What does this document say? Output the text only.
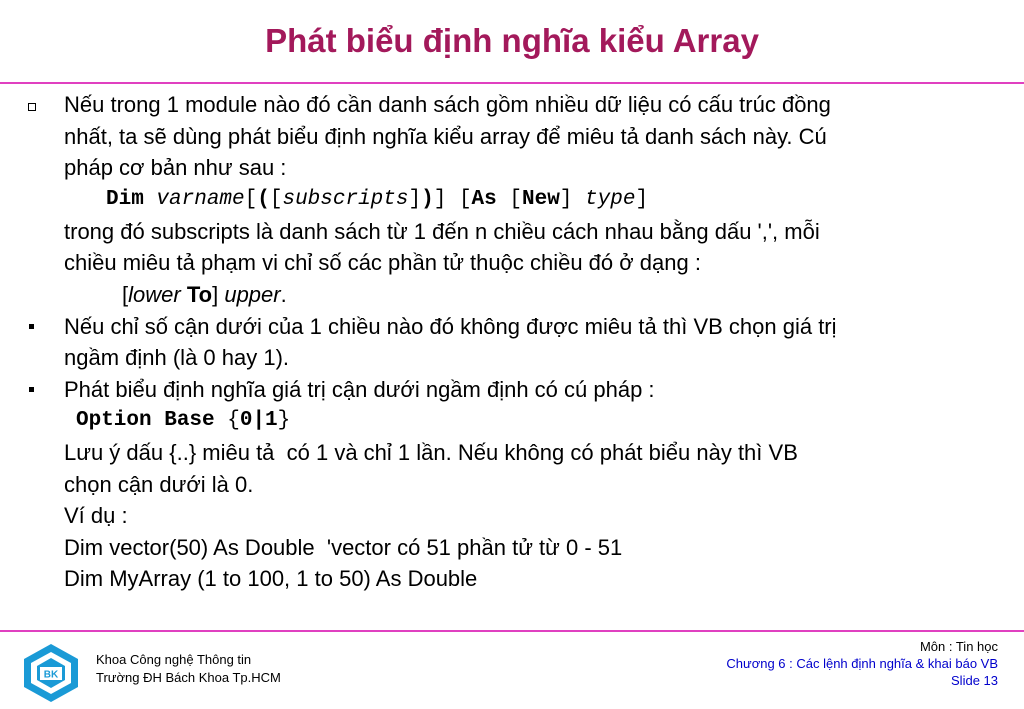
Phát biểu định nghĩa kiểu Array
Nếu trong 1 module nào đó cần danh sách gồm nhiều dữ liệu có cấu trúc đồng
nhất, ta sẽ dùng phát biểu định nghĩa kiểu array để miêu tả danh sách này. Cú
pháp cơ bản như sau :
Dim varname[([subscripts])] [As [New] type]
trong đó subscripts là danh sách từ 1 đến n chiều cách nhau bằng dấu ',', mỗi
chiều miêu tả phạm vi chỉ số các phần tử thuộc chiều đó ở dạng :
[lower To] upper.
Nếu chỉ số cận dưới của 1 chiều nào đó không được miêu tả thì VB chọn giá trị
ngầm định (là 0 hay 1).
Phát biểu định nghĩa giá trị cận dưới ngầm định có cú pháp :
Option Base {0|1}
Lưu ý dấu {..} miêu tả  có 1 và chỉ 1 lần. Nếu không có phát biểu này thì VB
chọn cận dưới là 0.
Ví dụ :
Dim vector(50) As Double  'vector có 51 phần tử từ 0 - 51
Dim MyArray (1 to 100, 1 to 50) As Double
BK
Khoa Công nghệ Thông tin
Trường ĐH Bách Khoa Tp.HCM
Môn : Tin học
Chương 6 : Các lệnh định nghĩa & khai báo VB
Slide 13
